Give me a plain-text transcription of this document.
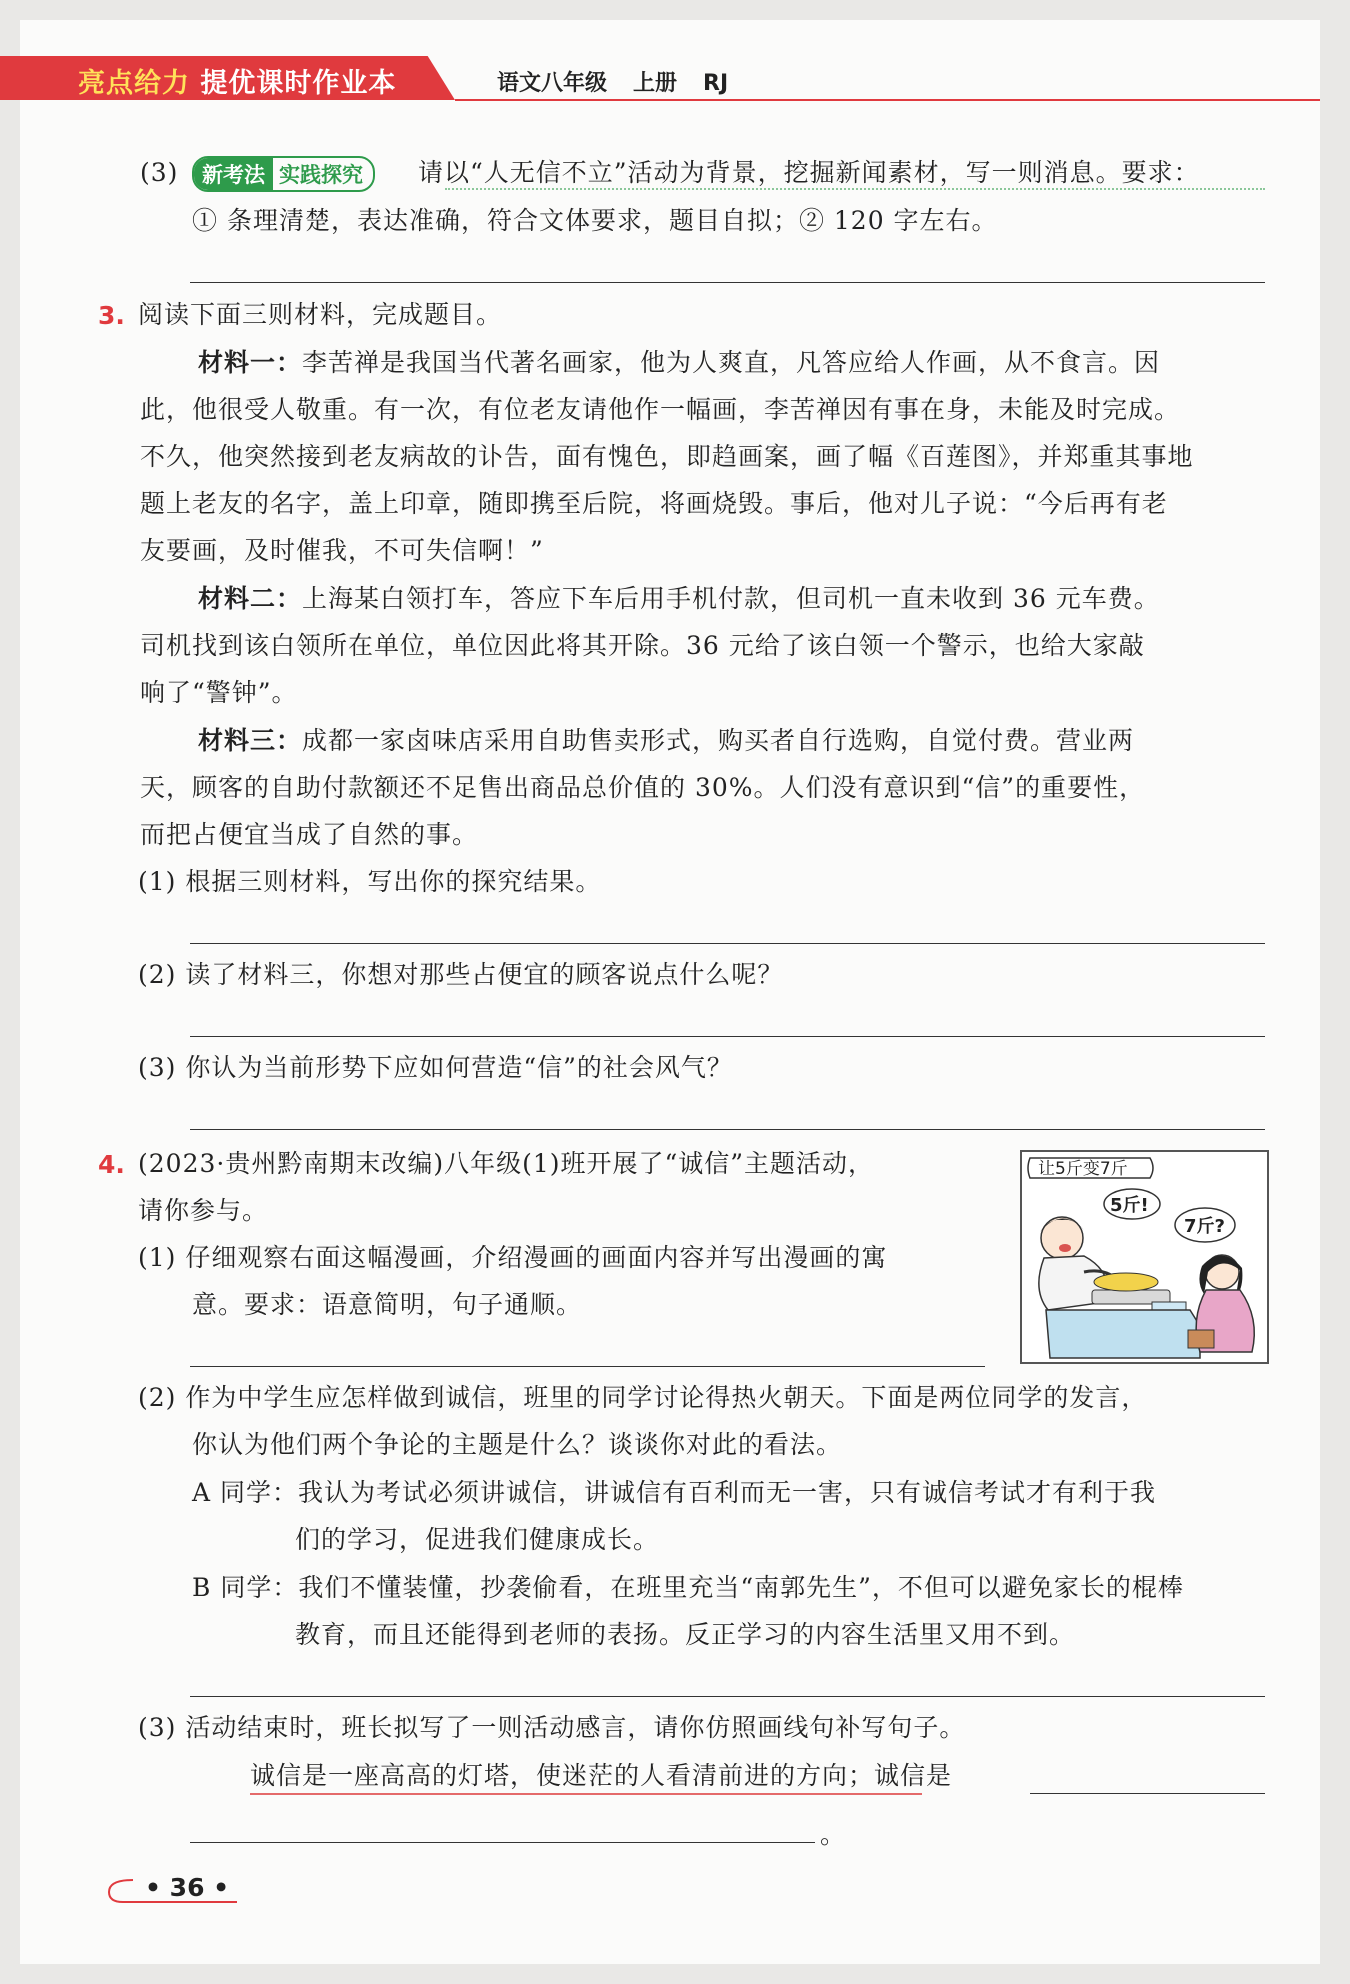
亮点给力 提优课时作业本	语文八年级 上册 RJ
(3)	新考法 实践探究	请以“人无信不立”活动为背景，挖掘新闻素材，写一则消息。要求：
① 条理清楚，表达准确，符合文体要求，题目自拟；② 120 字左右。
3. 阅读下面三则材料，完成题目。
材料一：李苦禅是我国当代著名画家，他为人爽直，凡答应给人作画，从不食言。因
此，他很受人敬重。有一次，有位老友请他作一幅画，李苦禅因有事在身，未能及时完成。
不久，他突然接到老友病故的讣告，面有愧色，即趋画案，画了幅《百莲图》，并郑重其事地
题上老友的名字，盖上印章，随即携至后院，将画烧毁。事后，他对儿子说：“今后再有老
友要画，及时催我，不可失信啊！”
材料二：上海某白领打车，答应下车后用手机付款，但司机一直未收到 36 元车费。
司机找到该白领所在单位，单位因此将其开除。36 元给了该白领一个警示，也给大家敲
响了“警钟”。
材料三：成都一家卤味店采用自助售卖形式，购买者自行选购，自觉付费。营业两
天，顾客的自助付款额还不足售出商品总价值的 30%。人们没有意识到“信”的重要性，
而把占便宜当成了自然的事。
(1) 根据三则材料，写出你的探究结果。
(2) 读了材料三，你想对那些占便宜的顾客说点什么呢？
(3) 你认为当前形势下应如何营造“信”的社会风气？
4. (2023·贵州黔南期末改编)八年级(1)班开展了“诚信”主题活动，
请你参与。
(1) 仔细观察右面这幅漫画，介绍漫画的画面内容并写出漫画的寓
意。要求：语意简明，句子通顺。
让5斤变7斤
5斤!
7斤?
(2) 作为中学生应怎样做到诚信，班里的同学讨论得热火朝天。下面是两位同学的发言，
你认为他们两个争论的主题是什么？谈谈你对此的看法。
A 同学：我认为考试必须讲诚信，讲诚信有百利而无一害，只有诚信考试才有利于我
们的学习，促进我们健康成长。
B 同学：我们不懂装懂，抄袭偷看，在班里充当“南郭先生”，不但可以避免家长的棍棒
教育，而且还能得到老师的表扬。反正学习的内容生活里又用不到。
(3) 活动结束时，班长拟写了一则活动感言，请你仿照画线句补写句子。
诚信是一座高高的灯塔，使迷茫的人看清前进的方向；诚信是
。
• 36 •
